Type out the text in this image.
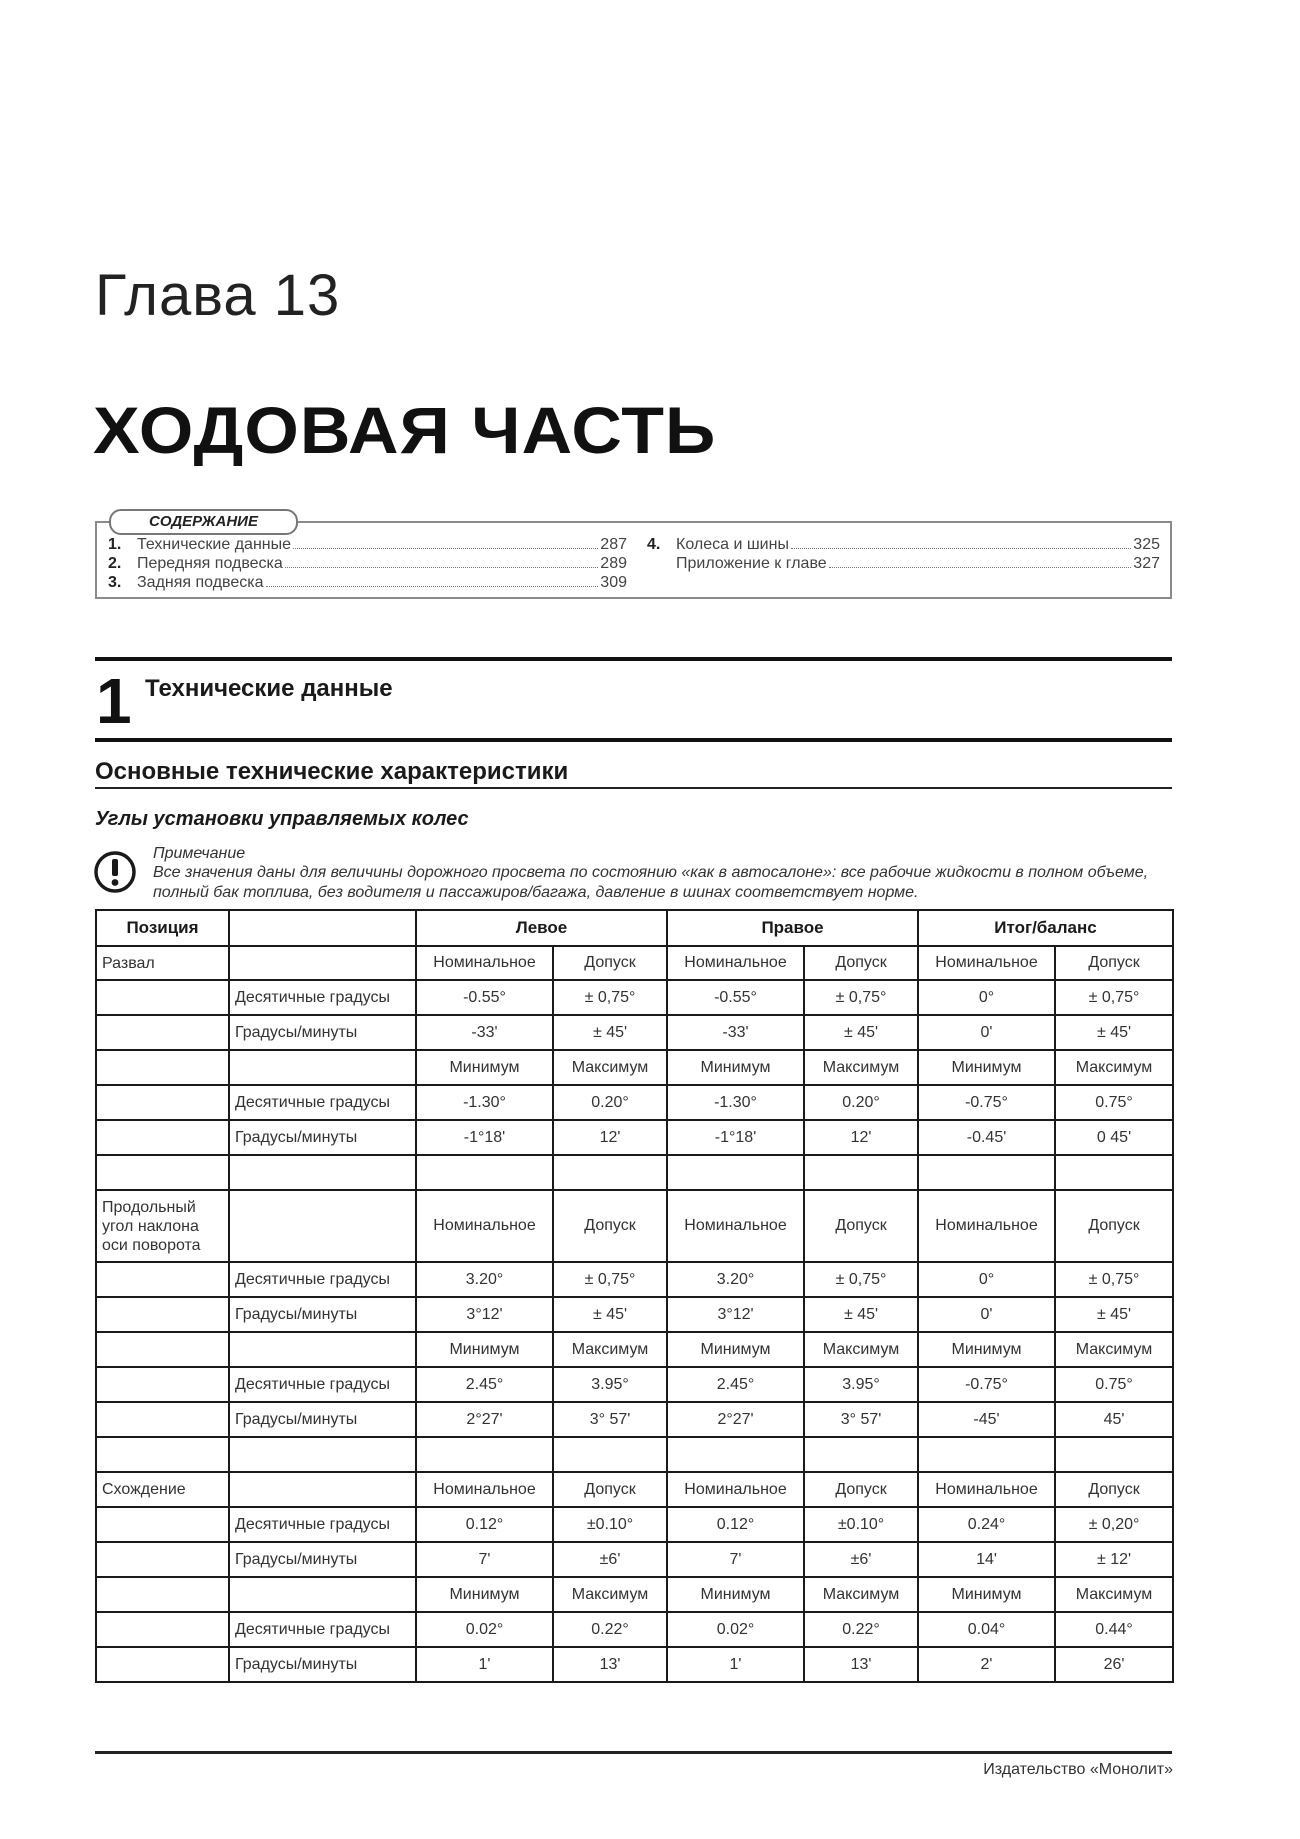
Глава 13
ХОДОВАЯ ЧАСТЬ
СОДЕРЖАНИЕ
1. Технические данные	287
2. Передняя подвеска	289
3. Задняя подвеска	309
4. Колеса и шины	325
Приложение к главе	327
1 Технические данные
Основные технические характеристики
Углы установки управляемых колес
Примечание
Все значения даны для величины дорожного просвета по состоянию «как в автосалоне»: все рабочие жидкости в полном объеме, полный бак топлива, без водителя и пассажиров/багажа, давление в шинах соответствует норме.
Позиция		Левое		Правое		Итог/баланс	
Развал		Номинальное	Допуск	Номинальное	Допуск	Номинальное	Допуск
	Десятичные градусы	-0.55°	± 0,75°	-0.55°	± 0,75°	0°	± 0,75°
	Градусы/минуты	-33'	± 45'	-33'	± 45'	0'	± 45'
		Минимум	Максимум	Минимум	Максимум	Минимум	Максимум
	Десятичные градусы	-1.30°	0.20°	-1.30°	0.20°	-0.75°	0.75°
	Градусы/минуты	-1°18'	12'	-1°18'	12'	-0.45'	0 45'

Продольный угол наклона оси поворота		Номинальное	Допуск	Номинальное	Допуск	Номинальное	Допуск
	Десятичные градусы	3.20°	± 0,75°	3.20°	± 0,75°	0°	± 0,75°
	Градусы/минуты	3°12'	± 45'	3°12'	± 45'	0'	± 45'
		Минимум	Максимум	Минимум	Максимум	Минимум	Максимум
	Десятичные градусы	2.45°	3.95°	2.45°	3.95°	-0.75°	0.75°
	Градусы/минуты	2°27'	3° 57'	2°27'	3° 57'	-45'	45'

Схождение		Номинальное	Допуск	Номинальное	Допуск	Номинальное	Допуск
	Десятичные градусы	0.12°	±0.10°	0.12°	±0.10°	0.24°	± 0,20°
	Градусы/минуты	7'	±6'	7'	±6'	14'	± 12'
		Минимум	Максимум	Минимум	Максимум	Минимум	Максимум
	Десятичные градусы	0.02°	0.22°	0.02°	0.22°	0.04°	0.44°
	Градусы/минуты	1'	13'	1'	13'	2'	26'
Издательство «Монолит»
